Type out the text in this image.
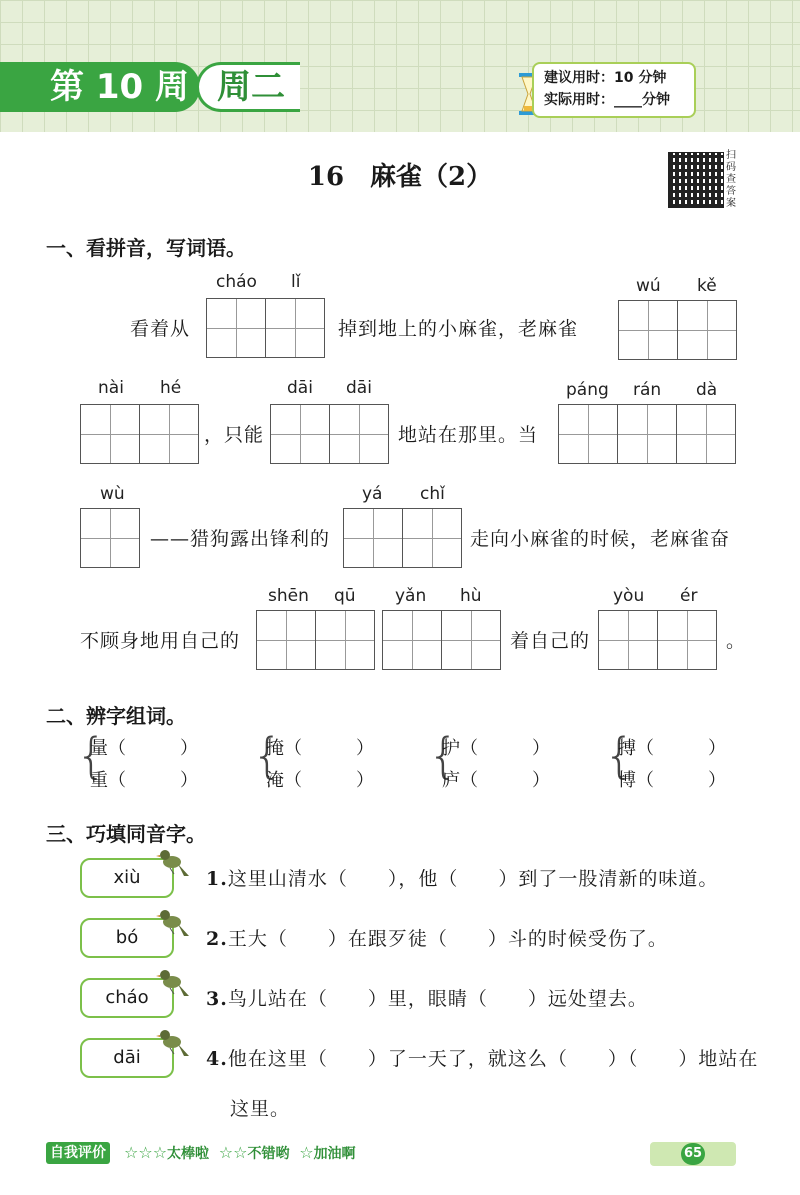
第 10 周 周二	建议用时：10 分钟
实际用时：____分钟
16　麻雀（2）
扫码查答案
一、看拼音，写词语。
cháo lǐ	wú kě
看着从	掉到地上的小麻雀，老麻雀
nài hé	dāi dāi	páng rán dà
，只能	地站在那里。当
wù	yá chǐ
——猎狗露出锋利的	走向小麻雀的时候，老麻雀奋
shēn qū yǎn hù	yòu ér
不顾身地用自己的	着自己的	。
二、辨字组词。
{
量（　　　）
重（　　　） {
掩（　　　）
淹（　　　） {
护（　　　）
庐（　　　） {
搏（　　　）
博（　　　）
三、巧填同音字。
xiù	1.这里山清水（　　），他（　　）到了一股清新的味道。
bó	2.王大（　　）在跟歹徒（　　）斗的时候受伤了。
cháo	3.鸟儿站在（　　）里，眼睛（　　）远处望去。
dāi	4.他在这里（　　）了一天了，就这么（　　）（　　）地站在
这里。
自我评价 ☆☆☆太棒啦 ☆☆不错哟 ☆加油啊	65
